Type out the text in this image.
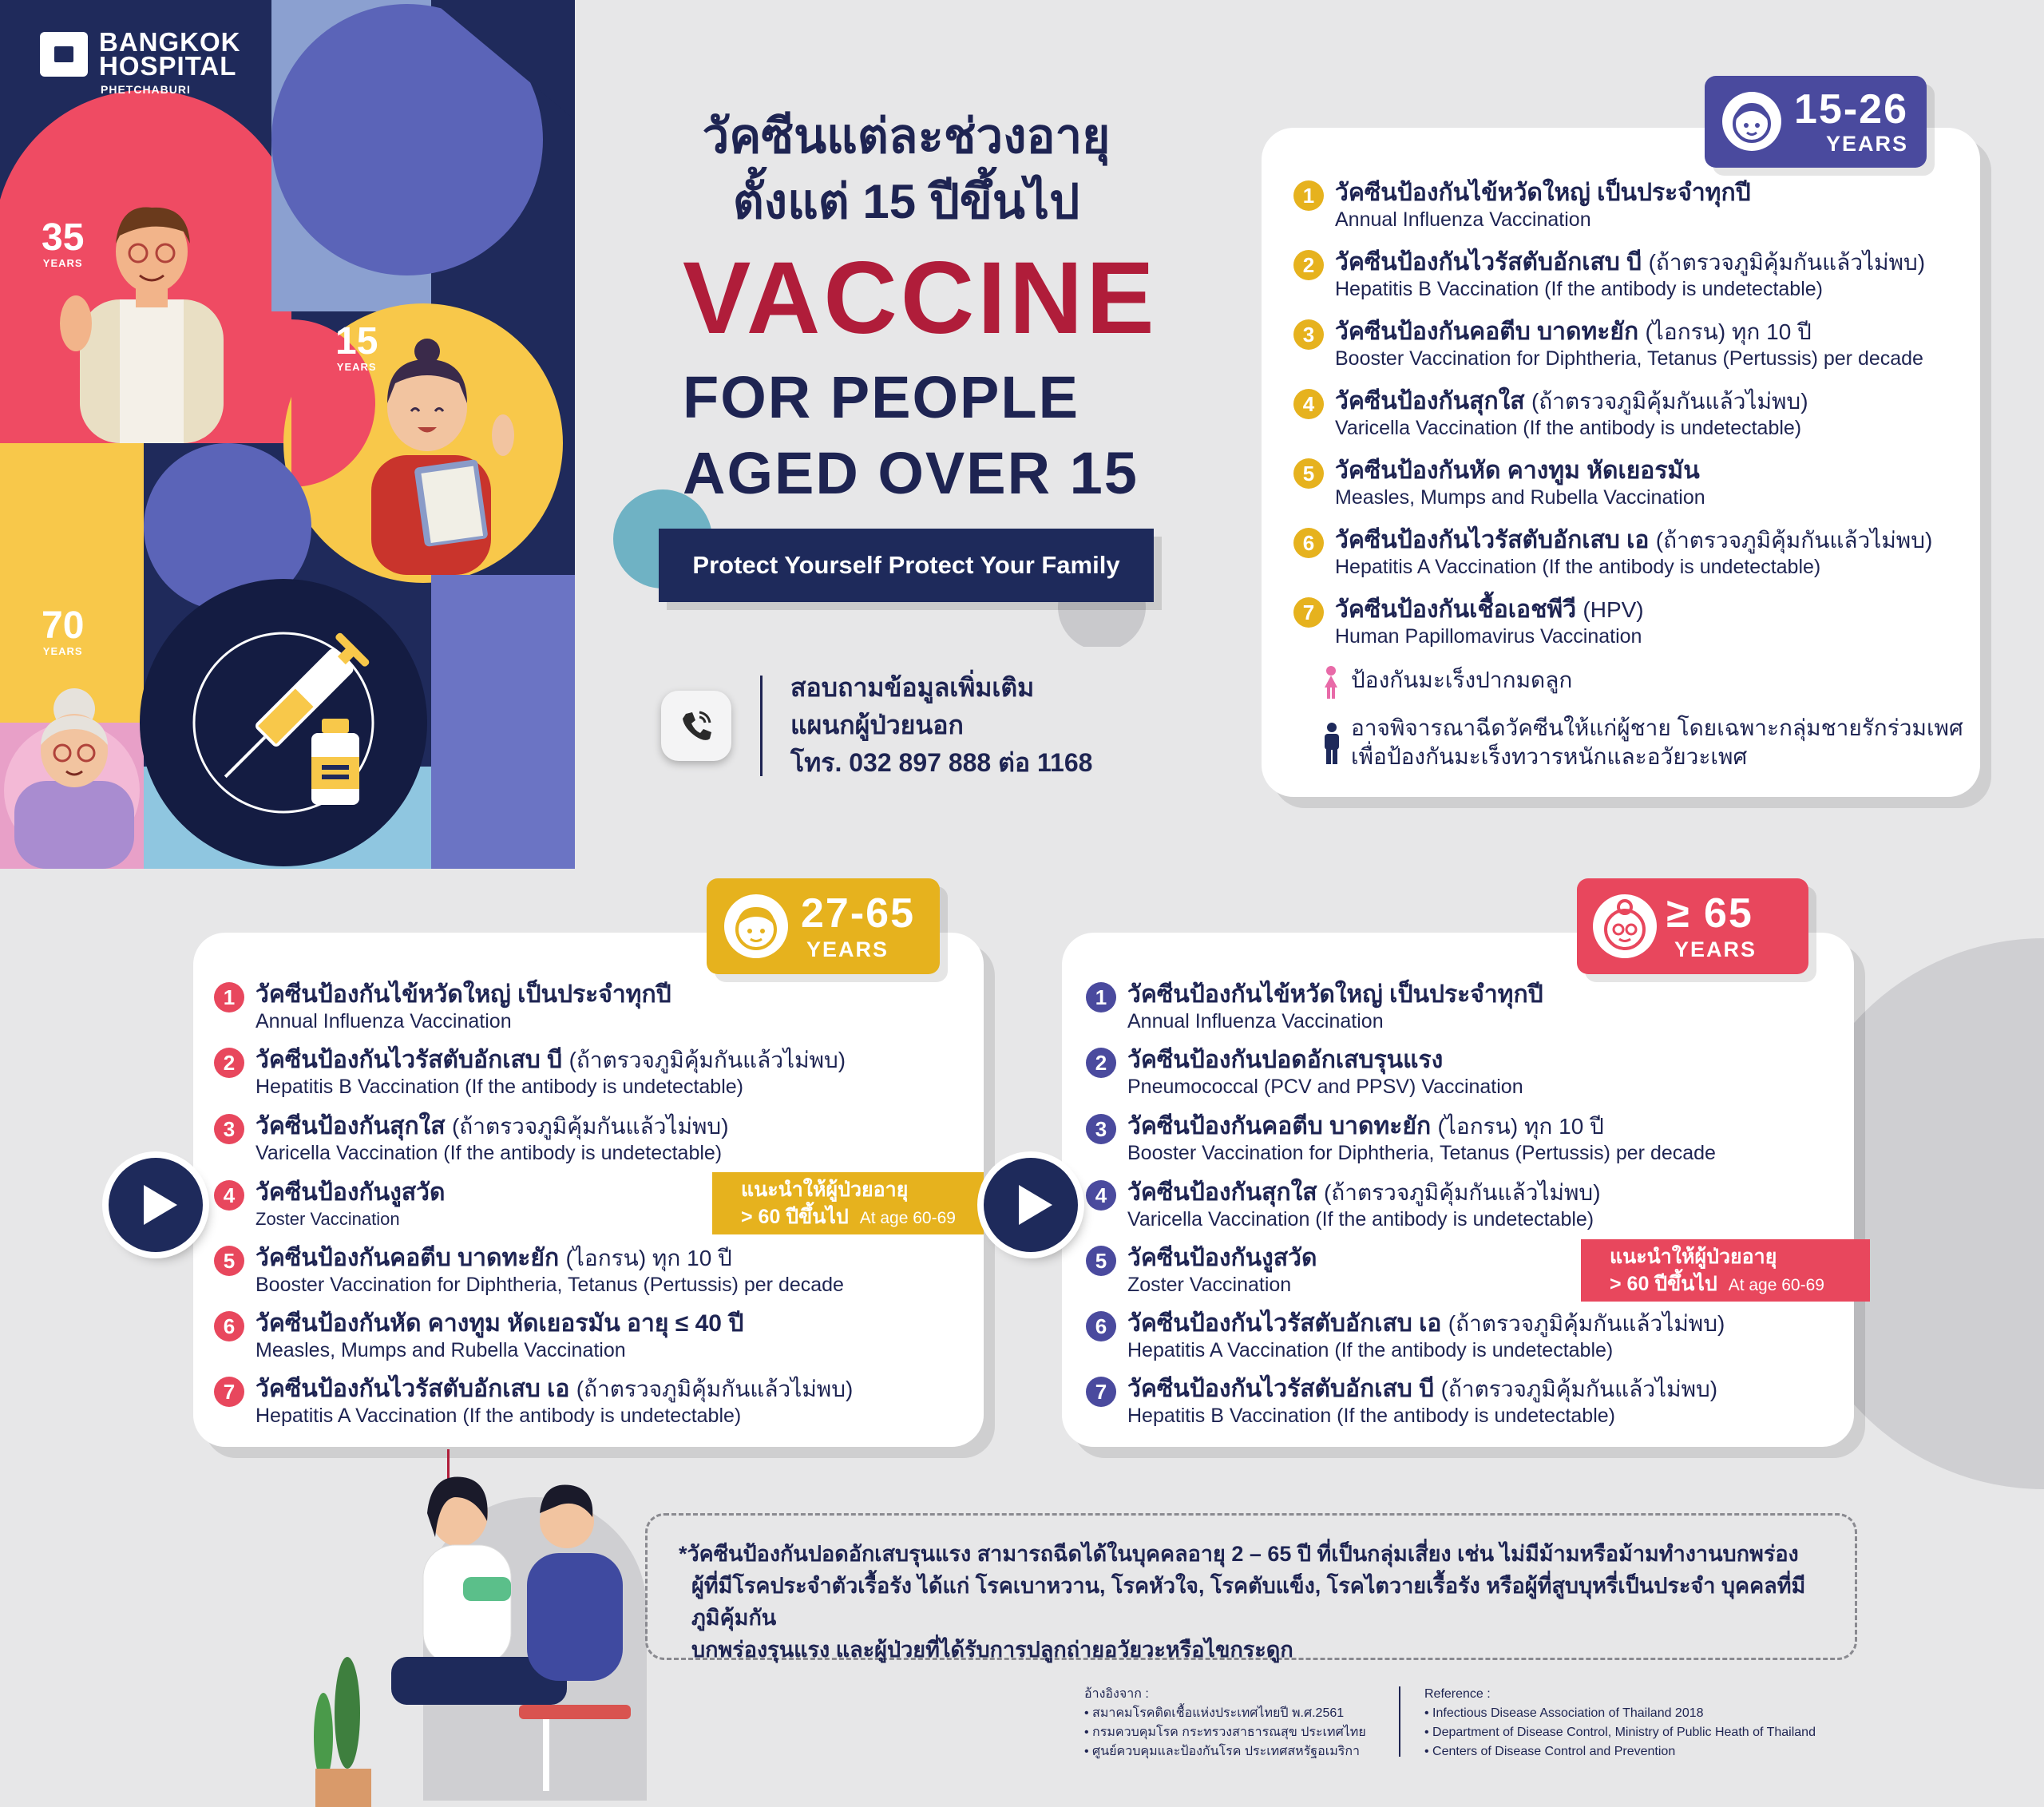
BANGKOK
HOSPITAL
PHETCHABURI
35
YEARS
15
YEARS
70
YEARS
วัคซีนแต่ละช่วงอายุ
ตั้งแต่ 15 ปีขึ้นไป
VACCINE
FOR PEOPLE
AGED OVER 15
Protect Yourself Protect Your Family
สอบถามข้อมูลเพิ่มเติม
แผนกผู้ป่วยนอก
โทร. 032 897 888 ต่อ 1168
15-26
YEARS
1 วัคซีนป้องกันไข้หวัดใหญ่ เป็นประจำทุกปี
Annual Influenza Vaccination
2 วัคซีนป้องกันไวรัสตับอักเสบ บี (ถ้าตรวจภูมิคุ้มกันแล้วไม่พบ)
Hepatitis B Vaccination (If the antibody is undetectable)
3 วัคซีนป้องกันคอตีบ บาดทะยัก (ไอกรน) ทุก 10 ปี
Booster Vaccination for Diphtheria, Tetanus (Pertussis) per decade
4 วัคซีนป้องกันสุกใส (ถ้าตรวจภูมิคุ้มกันแล้วไม่พบ)
Varicella Vaccination (If the antibody is undetectable)
5 วัคซีนป้องกันหัด คางทูม หัดเยอรมัน
Measles, Mumps and Rubella Vaccination
6 วัคซีนป้องกันไวรัสตับอักเสบ เอ (ถ้าตรวจภูมิคุ้มกันแล้วไม่พบ)
Hepatitis A Vaccination (If the antibody is undetectable)
7 วัคซีนป้องกันเชื้อเอชพีวี (HPV)
Human Papillomavirus Vaccination
ป้องกันมะเร็งปากมดลูก
อาจพิจารณาฉีดวัคซีนให้แก่ผู้ชาย โดยเฉพาะกลุ่มชายรักร่วมเพศ
เพื่อป้องกันมะเร็งทวารหนักและอวัยวะเพศ
27-65
YEARS
1 วัคซีนป้องกันไข้หวัดใหญ่ เป็นประจำทุกปี
Annual Influenza Vaccination
2 วัคซีนป้องกันไวรัสตับอักเสบ บี (ถ้าตรวจภูมิคุ้มกันแล้วไม่พบ)
Hepatitis B Vaccination (If the antibody is undetectable)
3 วัคซีนป้องกันสุกใส (ถ้าตรวจภูมิคุ้มกันแล้วไม่พบ)
Varicella Vaccination (If the antibody is undetectable)
4 วัคซีนป้องกันงูสวัด
Zoster Vaccination
5 วัคซีนป้องกันคอตีบ บาดทะยัก (ไอกรน) ทุก 10 ปี
Booster Vaccination for Diphtheria, Tetanus (Pertussis) per decade
6 วัคซีนป้องกันหัด คางทูม หัดเยอรมัน อายุ ≤ 40 ปี
Measles, Mumps and Rubella Vaccination
7 วัคซีนป้องกันไวรัสตับอักเสบ เอ (ถ้าตรวจภูมิคุ้มกันแล้วไม่พบ)
Hepatitis A Vaccination (If the antibody is undetectable)
แนะนำให้ผู้ป่วยอายุ
> 60 ปีขึ้นไป At age 60-69
≥ 65
YEARS
1 วัคซีนป้องกันไข้หวัดใหญ่ เป็นประจำทุกปี
Annual Influenza Vaccination
2 วัคซีนป้องกันปอดอักเสบรุนแรง
Pneumococcal (PCV and PPSV) Vaccination
3 วัคซีนป้องกันคอตีบ บาดทะยัก (ไอกรน) ทุก 10 ปี
Booster Vaccination for Diphtheria, Tetanus (Pertussis) per decade
4 วัคซีนป้องกันสุกใส (ถ้าตรวจภูมิคุ้มกันแล้วไม่พบ)
Varicella Vaccination (If the antibody is undetectable)
5 วัคซีนป้องกันงูสวัด
Zoster Vaccination
6 วัคซีนป้องกันไวรัสตับอักเสบ เอ (ถ้าตรวจภูมิคุ้มกันแล้วไม่พบ)
Hepatitis A Vaccination (If the antibody is undetectable)
7 วัคซีนป้องกันไวรัสตับอักเสบ บี (ถ้าตรวจภูมิคุ้มกันแล้วไม่พบ)
Hepatitis B Vaccination (If the antibody is undetectable)
แนะนำให้ผู้ป่วยอายุ
> 60 ปีขึ้นไป At age 60-69
*วัคซีนป้องกันปอดอักเสบรุนแรง สามารถฉีดได้ในบุคคลอายุ 2 – 65 ปี ที่เป็นกลุ่มเสี่ยง เช่น ไม่มีม้ามหรือม้ามทำงานบกพร่อง
ผู้ที่มีโรคประจำตัวเรื้อรัง ได้แก่ โรคเบาหวาน, โรคหัวใจ, โรคตับแข็ง, โรคไตวายเรื้อรัง หรือผู้ที่สูบบุหรี่เป็นประจำ บุคคลที่มีภูมิคุ้มกัน
บกพร่องรุนแรง และผู้ป่วยที่ได้รับการปลูกถ่ายอวัยวะหรือไขกระดูก
อ้างอิงจาก :
• สมาคมโรคติดเชื้อแห่งประเทศไทยปี พ.ศ.2561
• กรมควบคุมโรค กระทรวงสาธารณสุข ประเทศไทย
• ศูนย์ควบคุมและป้องกันโรค ประเทศสหรัฐอเมริกา
Reference :
• Infectious Disease Association of Thailand 2018
• Department of Disease Control, Ministry of Public Heath of Thailand
• Centers of Disease Control and Prevention
